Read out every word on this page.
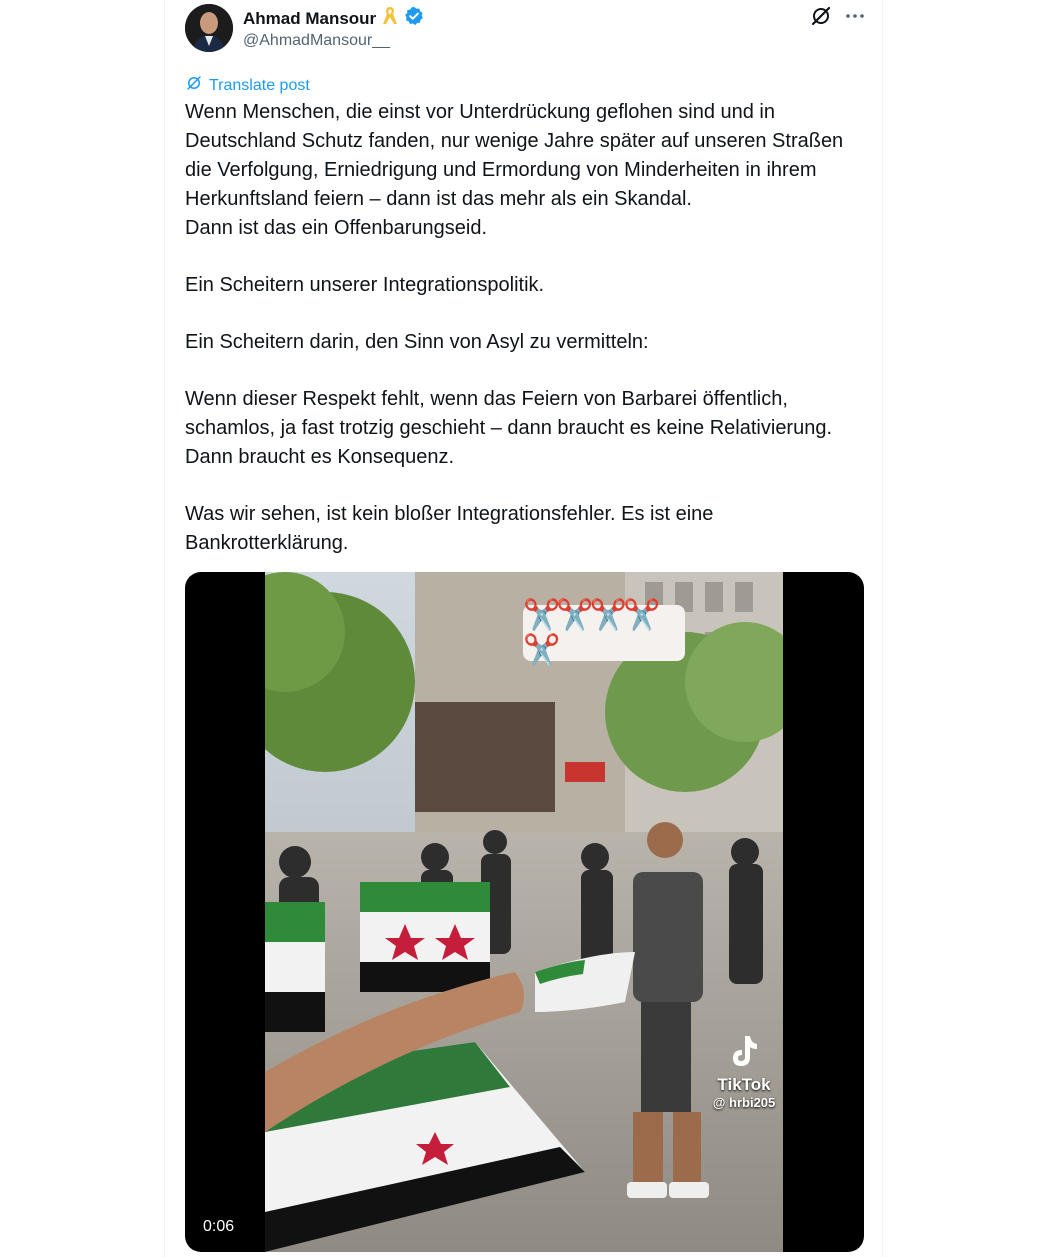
Ahmad Mansour
@AhmadMansour__
Translate post

Wenn Menschen, die einst vor Unterdrückung geflohen sind und in Deutschland Schutz fanden, nur wenige Jahre später auf unseren Straßen die Verfolgung, Erniedrigung und Ermordung von Minderheiten in ihrem Herkunftsland feiern – dann ist das mehr als ein Skandal.

Dann ist das ein Offenbarungseid.

Ein Scheitern unserer Integrationspolitik.

Ein Scheitern darin, den Sinn von Asyl zu vermitteln:

Wenn dieser Respekt fehlt, wenn das Feiern von Barbarei öffentlich, schamlos, ja fast trotzig geschieht – dann braucht es keine Relativierung.

Dann braucht es Konsequenz.

Was wir sehen, ist kein bloßer Integrationsfehler. Es ist eine Bankrotterklärung.

✂️✂️✂️✂️✂️
TikTok
@ hrbi205
0:06
